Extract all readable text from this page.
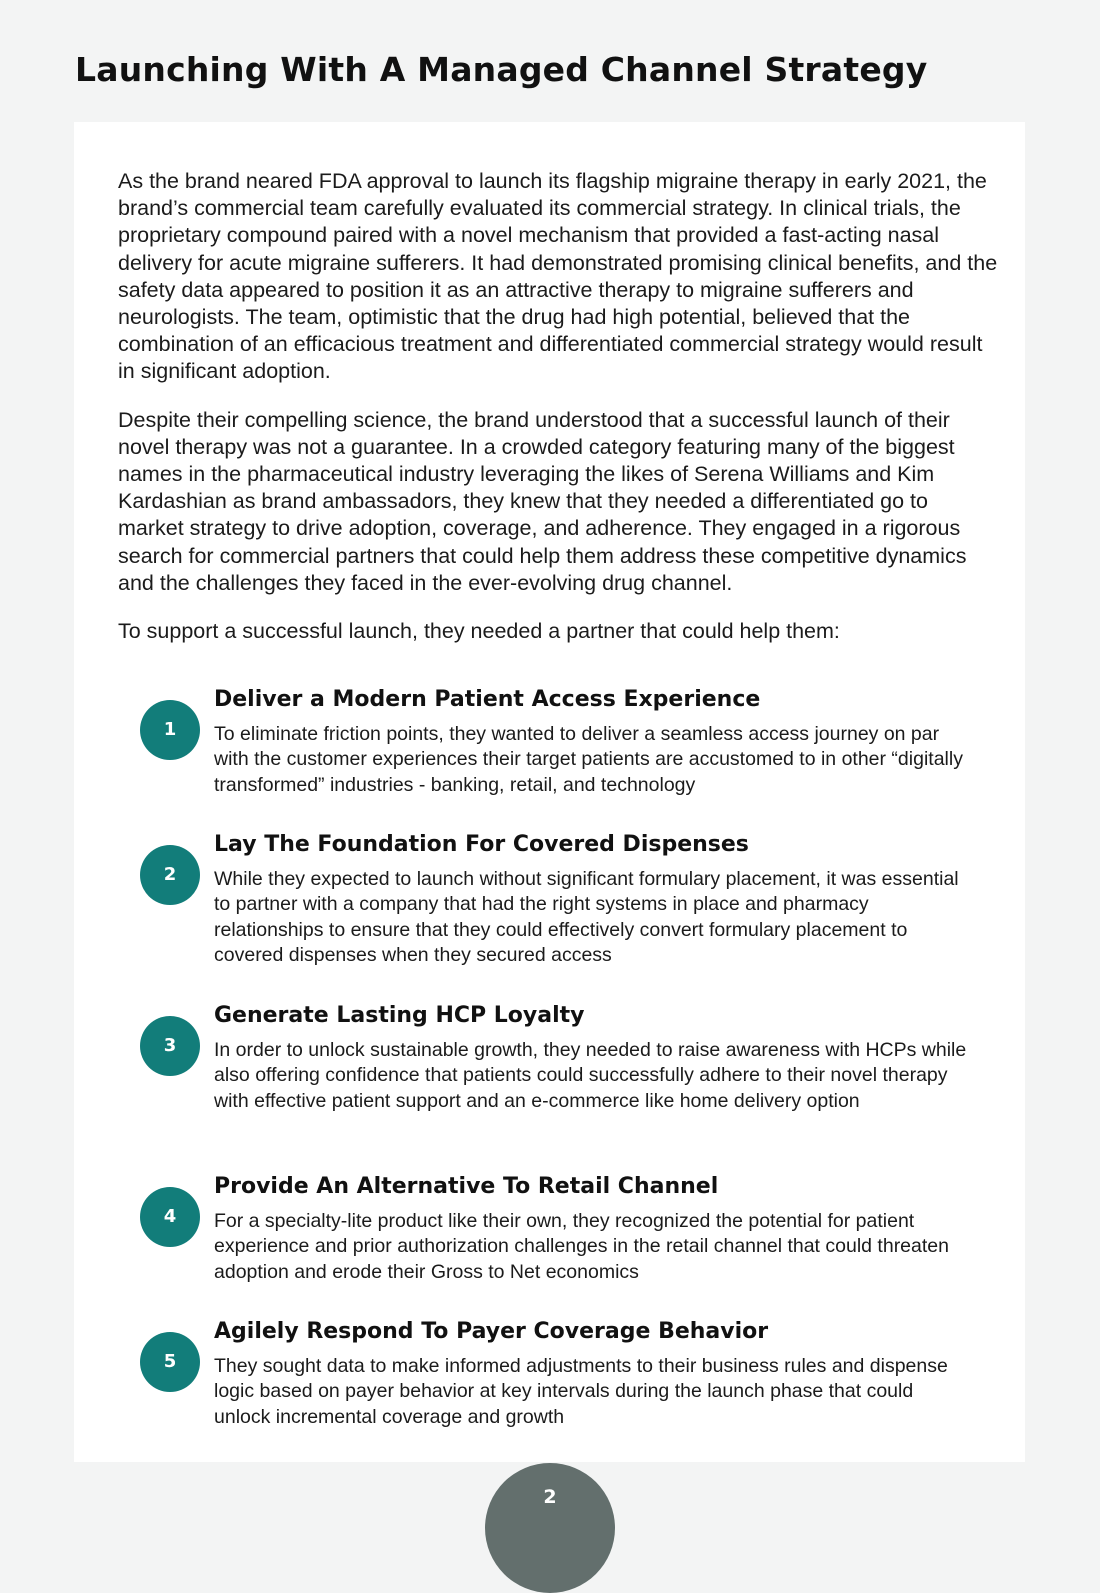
Launching With A Managed Channel Strategy

As the brand neared FDA approval to launch its flagship migraine therapy in early 2021, the brand’s commercial team carefully evaluated its commercial strategy. In clinical trials, the proprietary compound paired with a novel mechanism that provided a fast-acting nasal delivery for acute migraine sufferers. It had demonstrated promising clinical benefits, and the safety data appeared to position it as an attractive therapy to migraine sufferers and neurologists. The team, optimistic that the drug had high potential, believed that the combination of an efficacious treatment and differentiated commercial strategy would result in significant adoption.

Despite their compelling science, the brand understood that a successful launch of their novel therapy was not a guarantee. In a crowded category featuring many of the biggest names in the pharmaceutical industry leveraging the likes of Serena Williams and Kim Kardashian as brand ambassadors, they knew that they needed a differentiated go to market strategy to drive adoption, coverage, and adherence. They engaged in a rigorous search for commercial partners that could help them address these competitive dynamics and the challenges they faced in the ever-evolving drug channel.

To support a successful launch, they needed a partner that could help them:

1
Deliver a Modern Patient Access Experience

To eliminate friction points, they wanted to deliver a seamless access journey on par with the customer experiences their target patients are accustomed to in other “digitally transformed” industries - banking, retail, and technology

2
Lay The Foundation For Covered Dispenses

While they expected to launch without significant formulary placement, it was essential to partner with a company that had the right systems in place and pharmacy relationships to ensure that they could effectively convert formulary placement to covered dispenses when they secured access

3
Generate Lasting HCP Loyalty

In order to unlock sustainable growth, they needed to raise awareness with HCPs while also offering confidence that patients could successfully adhere to their novel therapy with effective patient support and an e-commerce like home delivery option

4
Provide An Alternative To Retail Channel

For a specialty-lite product like their own, they recognized the potential for patient experience and prior authorization challenges in the retail channel that could threaten adoption and erode their Gross to Net economics

5
Agilely Respond To Payer Coverage Behavior

They sought data to make informed adjustments to their business rules and dispense logic based on payer behavior at key intervals during the launch phase that could unlock incremental coverage and growth

2
